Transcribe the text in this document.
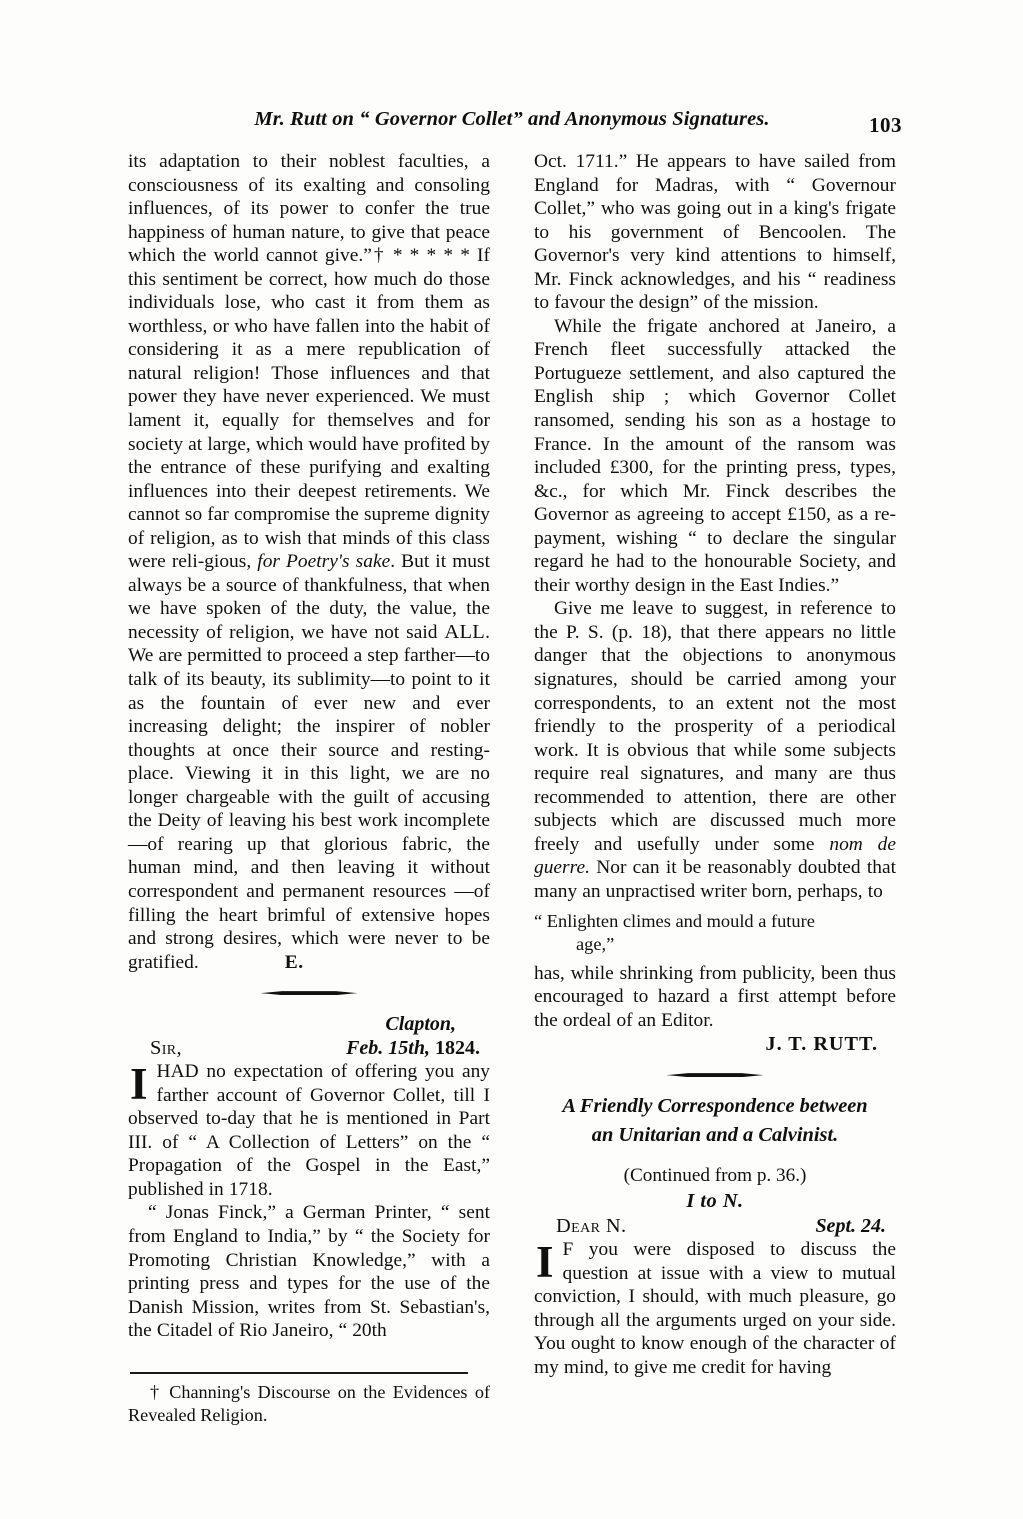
Mr. Rutt on “ Governor Collet” and Anonymous Signatures.	103

its adaptation to their noblest faculties, a consciousness of its exalting and consoling influences, of its power to confer the true happiness of human nature, to give that peace which the world cannot give.”† * * * * * If this sentiment be correct, how much do those individuals lose, who cast it from them as worthless, or who have fallen into the habit of considering it as a mere republication of natural religion! Those influences and that power they have never experienced. We must lament it, equally for themselves and for society at large, which would have profited by the entrance of these purifying and exalting influences into their deepest retirements. We cannot so far compromise the supreme dignity of religion, as to wish that minds of this class were reli-gious, for Poetry's sake. But it must always be a source of thankfulness, that when we have spoken of the duty, the value, the necessity of religion, we have not said ALL. We are permitted to proceed a step farther—to talk of its beauty, its sublimity—to point to it as the fountain of ever new and ever increasing delight; the inspirer of nobler thoughts at once their source and resting-place. Viewing it in this light, we are no longer chargeable with the guilt of accusing the Deity of leaving his best work incomplete—of rearing up that glorious fabric, the human mind, and then leaving it without correspondent and permanent resources —of filling the heart brimful of extensive hopes and strong desires, which were never to be gratified.	E.

Clapton,
Sir,	Feb. 15th, 1824.

IHAD no expectation of offering you any farther account of Governor Collet, till I observed to-day that he is mentioned in Part III. of “ A Collection of Letters” on the “ Propagation of the Gospel in the East,” published in 1718.

“ Jonas Finck,” a German Printer, “ sent from England to India,” by “ the Society for Promoting Christian Knowledge,” with a printing press and types for the use of the Danish Mission, writes from St. Sebastian's, the Citadel of Rio Janeiro, “ 20th

Oct. 1711.” He appears to have sailed from England for Madras, with “ Governour Collet,” who was going out in a king's frigate to his government of Bencoolen. The Governor's very kind attentions to himself, Mr. Finck acknowledges, and his “ readiness to favour the design” of the mission.

While the frigate anchored at Janeiro, a French fleet successfully attacked the Portugueze settlement, and also captured the English ship ; which Governor Collet ransomed, sending his son as a hostage to France. In the amount of the ransom was included £300, for the printing press, types, &c., for which Mr. Finck describes the Governor as agreeing to accept £150, as a re-payment, wishing “ to declare the singular regard he had to the honourable Society, and their worthy design in the East Indies.”

Give me leave to suggest, in reference to the P. S. (p. 18), that there appears no little danger that the objections to anonymous signatures, should be carried among your correspondents, to an extent not the most friendly to the prosperity of a periodical work. It is obvious that while some subjects require real signatures, and many are thus recommended to attention, there are other subjects which are discussed much more freely and usefully under some nom de guerre. Nor can it be reasonably doubted that many an unpractised writer born, perhaps, to

“ Enlighten climes and mould a future
age,”

has, while shrinking from publicity, been thus encouraged to hazard a first attempt before the ordeal of an Editor.

J. T. RUTT.
A Friendly Correspondence between
an Unitarian and a Calvinist.
(Continued from p. 36.)
I to N.
Dear N.	Sept. 24.

I F you were disposed to discuss the question at issue with a view to mutual conviction, I should, with much pleasure, go through all the arguments urged on your side. You ought to know enough of the character of my mind, to give me credit for having

† Channing's Discourse on the Evidences of Revealed Religion.
